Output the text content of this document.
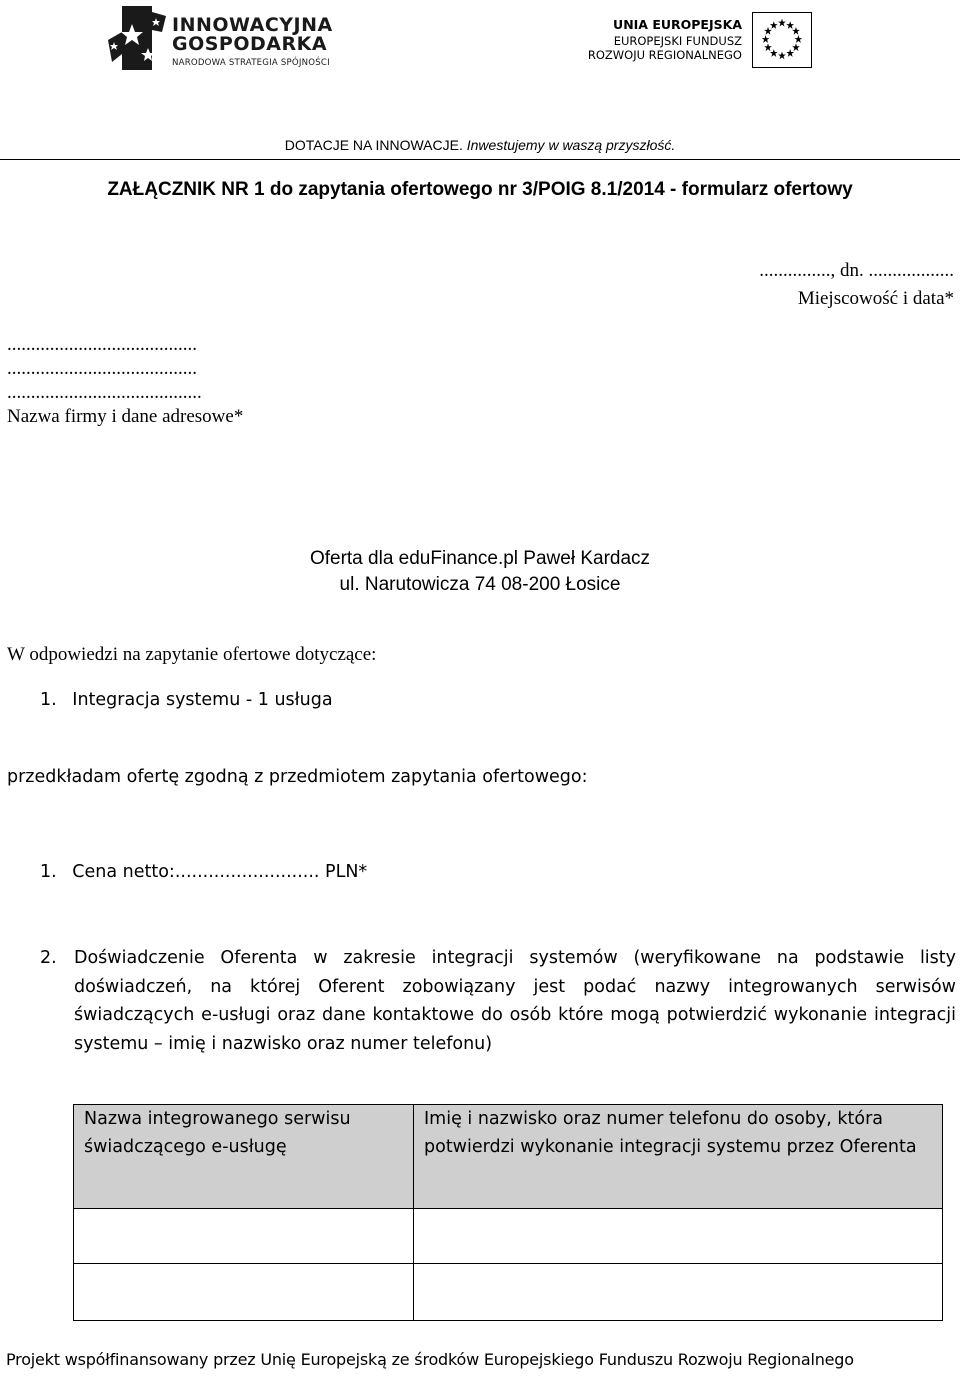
INNOWACYJNA
GOSPODARKA
NARODOWA STRATEGIA SPÓJNOŚCI
UNIA EUROPEJSKA
EUROPEJSKI FUNDUSZ
ROZWOJU REGIONALNEGO
DOTACJE NA INNOWACJE. Inwestujemy w waszą przyszłość.
ZAŁĄCZNIK NR 1 do zapytania ofertowego nr 3/POIG 8.1/2014 - formularz ofertowy
..............., dn. ..................
Miejscowość i data*
........................................
........................................
.........................................
Nazwa firmy i dane adresowe*
Oferta dla eduFinance.pl Paweł Kardacz
ul. Narutowicza 74 08-200 Łosice
W odpowiedzi na zapytanie ofertowe dotyczące:
1. Integracja systemu - 1 usługa
przedkładam ofertę zgodną z przedmiotem zapytania ofertowego:
1. Cena netto:.......................... PLN*
2. Doświadczenie Oferenta w zakresie integracji systemów (weryfikowane na podstawie listy doświadczeń, na której Oferent zobowiązany jest podać nazwy integrowanych serwisów świadczących e-usługi oraz dane kontaktowe do osób które mogą potwierdzić wykonanie integracji systemu – imię i nazwisko oraz numer telefonu)
Nazwa integrowanego serwisu świadczącego e-usługę	Imię i nazwisko oraz numer telefonu do osoby, która potwierdzi wykonanie integracji systemu przez Oferenta

Projekt współfinansowany przez Unię Europejską ze środków Europejskiego Funduszu Rozwoju Regionalnego
